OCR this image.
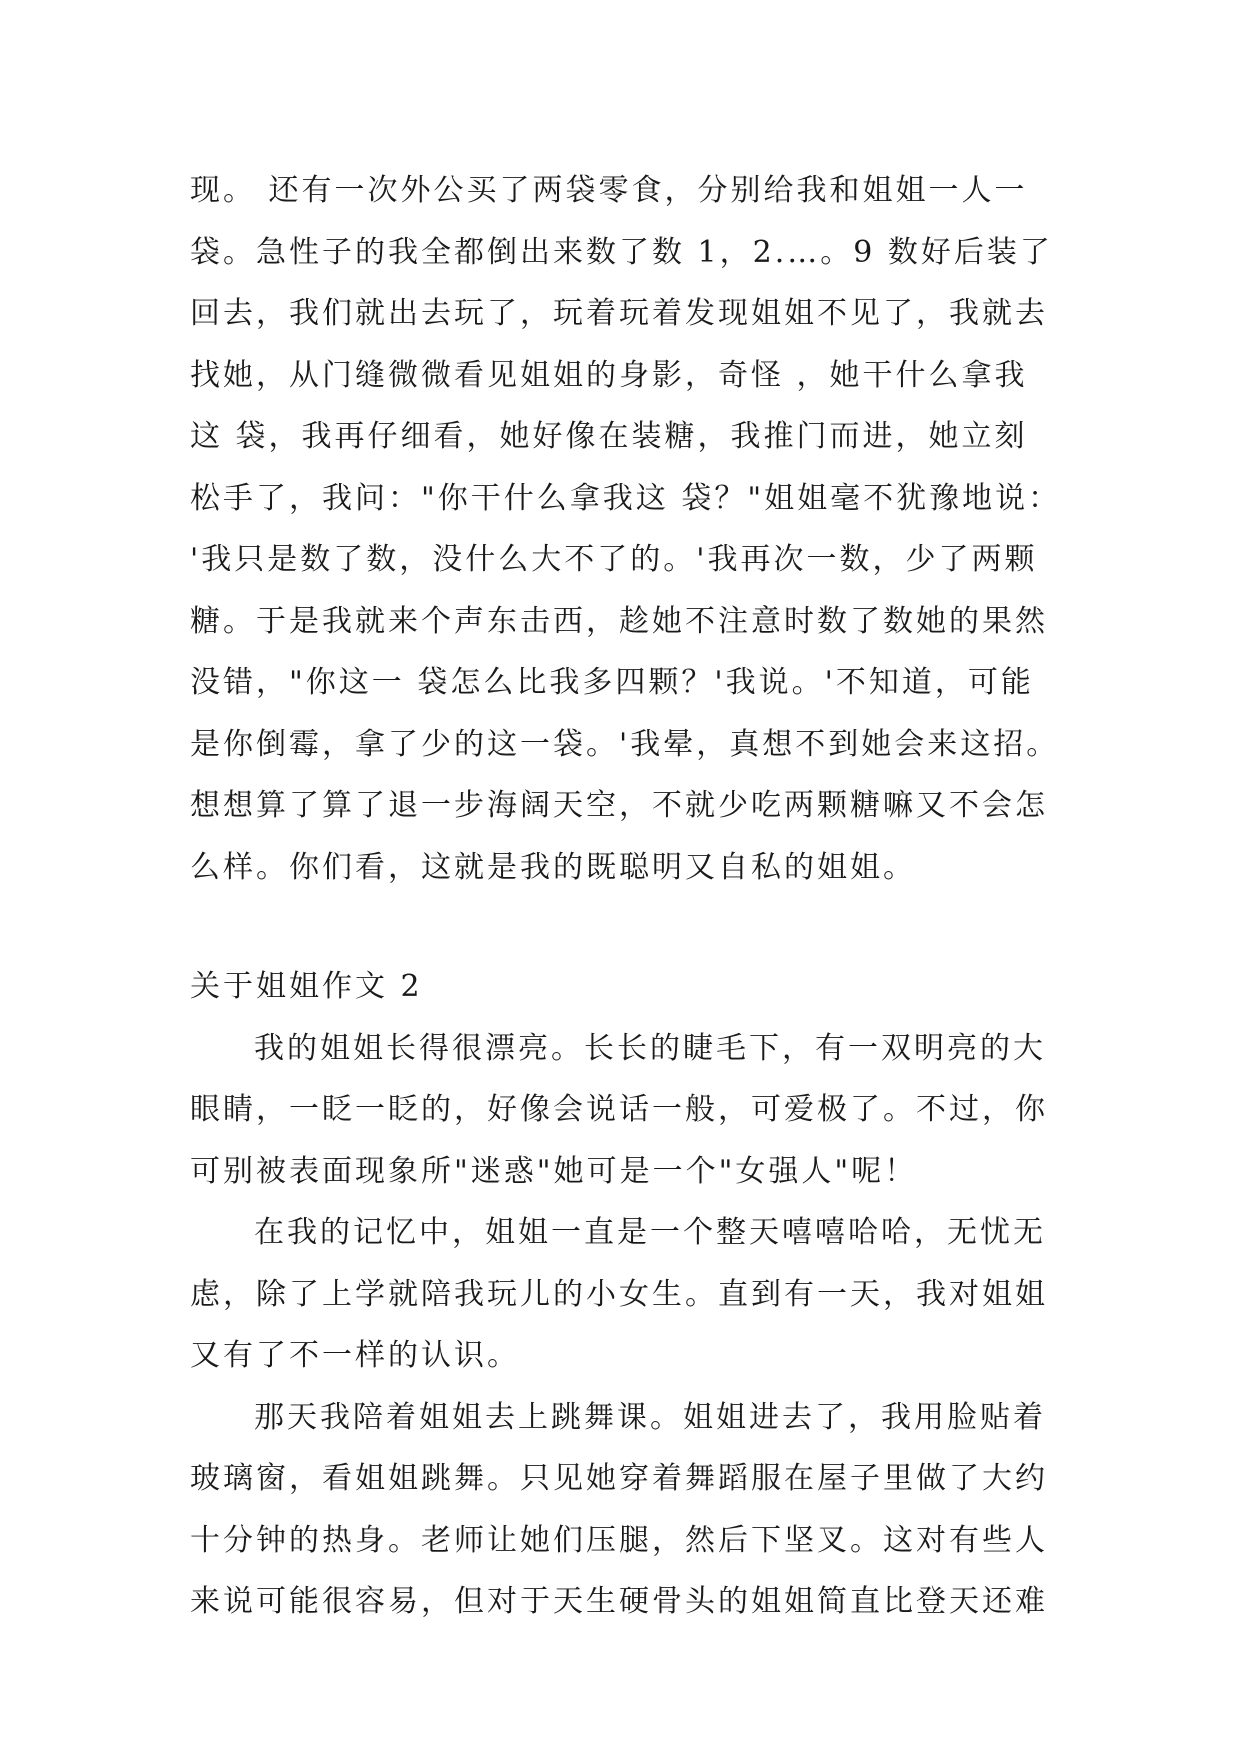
现。 还有一次外公买了两袋零食，分别给我和姐姐一人一
袋。急性子的我全都倒出来数了数 1，2.…。9 数好后装了
回去，我们就出去玩了，玩着玩着发现姐姐不见了，我就去
找她，从门缝微微看见姐姐的身影，奇怪 ，她干什么拿我
这 袋，我再仔细看，她好像在装糖，我推门而进，她立刻
松手了，我问："你干什么拿我这 袋？"姐姐毫不犹豫地说：
'我只是数了数，没什么大不了的。'我再次一数，少了两颗
糖。于是我就来个声东击西，趁她不注意时数了数她的果然
没错，"你这一 袋怎么比我多四颗？'我说。'不知道，可能
是你倒霉，拿了少的这一袋。'我晕，真想不到她会来这招。
想想算了算了退一步海阔天空，不就少吃两颗糖嘛又不会怎
么样。你们看，这就是我的既聪明又自私的姐姐。
关于姐姐作文 2
我的姐姐长得很漂亮。长长的睫毛下，有一双明亮的大
眼睛，一眨一眨的，好像会说话一般，可爱极了。不过，你
可别被表面现象所"迷惑"她可是一个"女强人"呢！
在我的记忆中，姐姐一直是一个整天嘻嘻哈哈，无忧无
虑，除了上学就陪我玩儿的小女生。直到有一天，我对姐姐
又有了不一样的认识。
那天我陪着姐姐去上跳舞课。姐姐进去了，我用脸贴着
玻璃窗，看姐姐跳舞。只见她穿着舞蹈服在屋子里做了大约
十分钟的热身。老师让她们压腿，然后下坚叉。这对有些人
来说可能很容易，但对于天生硬骨头的姐姐简直比登天还难
